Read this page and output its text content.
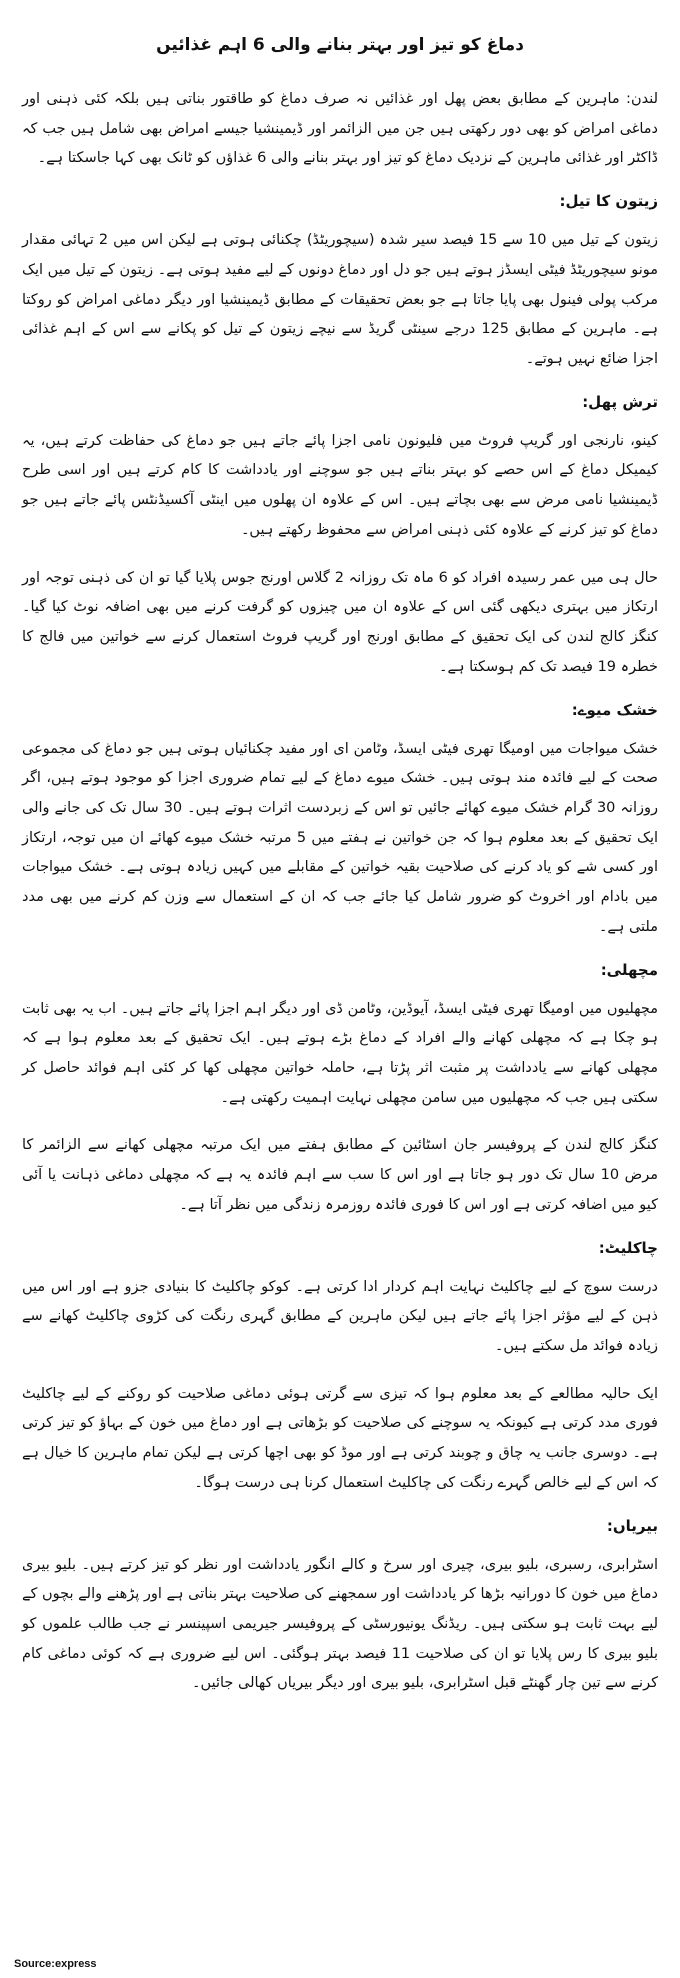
دماغ کو تیز اور بہتر بنانے والی 6 اہم غذائیں

لندن: ماہرین کے مطابق بعض پھل اور غذائیں نہ صرف دماغ کو طاقتور بناتی ہیں بلکہ کئی ذہنی اور دماغی امراض کو بھی دور رکھتی ہیں جن میں الزائمر اور ڈیمینشیا جیسے امراض بھی شامل ہیں جب کہ ڈاکٹر اور غذائی ماہرین کے نزدیک دماغ کو تیز اور بہتر بنانے والی 6 غذاؤں کو ٹانک بھی کہا جاسکتا ہے۔

زیتون کا تیل:

زیتون کے تیل میں 10 سے 15 فیصد سیر شدہ (سیچوریٹڈ) چکنائی ہوتی ہے لیکن اس میں 2 تہائی مقدار مونو سیچوریٹڈ فیٹی ایسڈز ہوتے ہیں جو دل اور دماغ دونوں کے لیے مفید ہوتی ہے۔ زیتون کے تیل میں ایک مرکب پولی فینول بھی پایا جاتا ہے جو بعض تحقیقات کے مطابق ڈیمینشیا اور دیگر دماغی امراض کو روکتا ہے۔ ماہرین کے مطابق 125 درجے سینٹی گریڈ سے نیچے زیتون کے تیل کو پکانے سے اس کے اہم غذائی اجزا ضائع نہیں ہوتے۔

ترش پھل:

کینو، نارنجی اور گریپ فروٹ میں فلیونون نامی اجزا پائے جاتے ہیں جو دماغ کی حفاظت کرتے ہیں، یہ کیمیکل دماغ کے اس حصے کو بہتر بناتے ہیں جو سوچنے اور یادداشت کا کام کرتے ہیں اور اسی طرح ڈیمینشیا نامی مرض سے بھی بچاتے ہیں۔ اس کے علاوہ ان پھلوں میں اینٹی آکسیڈنٹس پائے جاتے ہیں جو دماغ کو تیز کرنے کے علاوہ کئی ذہنی امراض سے محفوظ رکھتے ہیں۔

حال ہی میں عمر رسیدہ افراد کو 6 ماہ تک روزانہ 2 گلاس اورنج جوس پلایا گیا تو ان کی ذہنی توجہ اور ارتکاز میں بہتری دیکھی گئی اس کے علاوہ ان میں چیزوں کو گرفت کرنے میں بھی اضافہ نوٹ کیا گیا۔ کنگز کالج لندن کی ایک تحقیق کے مطابق اورنج اور گریپ فروٹ استعمال کرنے سے خواتین میں فالج کا خطرہ 19 فیصد تک کم ہوسکتا ہے۔

خشک میوے:

خشک میواجات میں اومیگا تھری فیٹی ایسڈ، وٹامن ای اور مفید چکنائیاں ہوتی ہیں جو دماغ کی مجموعی صحت کے لیے فائدہ مند ہوتی ہیں۔ خشک میوے دماغ کے لیے تمام ضروری اجزا کو موجود ہوتے ہیں، اگر روزانہ 30 گرام خشک میوے کھائے جائیں تو اس کے زبردست اثرات ہوتے ہیں۔ 30 سال تک کی جانے والی ایک تحقیق کے بعد معلوم ہوا کہ جن خواتین نے ہفتے میں 5 مرتبہ خشک میوے کھائے ان میں توجہ، ارتکاز اور کسی شے کو یاد کرنے کی صلاحیت بقیہ خواتین کے مقابلے میں کہیں زیادہ ہوتی ہے۔ خشک میواجات میں بادام اور اخروٹ کو ضرور شامل کیا جائے جب کہ ان کے استعمال سے وزن کم کرنے میں بھی مدد ملتی ہے۔

مچھلی:

مچھلیوں میں اومیگا تھری فیٹی ایسڈ، آیوڈین، وٹامن ڈی اور دیگر اہم اجزا پائے جاتے ہیں۔ اب یہ بھی ثابت ہو چکا ہے کہ مچھلی کھانے والے افراد کے دماغ بڑے ہوتے ہیں۔ ایک تحقیق کے بعد معلوم ہوا ہے کہ مچھلی کھانے سے یادداشت پر مثبت اثر پڑتا ہے، حاملہ خواتین مچھلی کھا کر کئی اہم فوائد حاصل کر سکتی ہیں جب کہ مچھلیوں میں سامن مچھلی نہایت اہمیت رکھتی ہے۔

کنگز کالج لندن کے پروفیسر جان اسٹائین کے مطابق ہفتے میں ایک مرتبہ مچھلی کھانے سے الزائمر کا مرض 10 سال تک دور ہو جاتا ہے اور اس کا سب سے اہم فائدہ یہ ہے کہ مچھلی دماغی ذہانت یا آئی کیو میں اضافہ کرتی ہے اور اس کا فوری فائدہ روزمرہ زندگی میں نظر آتا ہے۔

چاکلیٹ:

درست سوچ کے لیے چاکلیٹ نہایت اہم کردار ادا کرتی ہے۔ کوکو چاکلیٹ کا بنیادی جزو ہے اور اس میں ذہن کے لیے مؤثر اجزا پائے جاتے ہیں لیکن ماہرین کے مطابق گہری رنگت کی کڑوی چاکلیٹ کھانے سے زیادہ فوائد مل سکتے ہیں۔

ایک حالیہ مطالعے کے بعد معلوم ہوا کہ تیزی سے گرتی ہوئی دماغی صلاحیت کو روکنے کے لیے چاکلیٹ فوری مدد کرتی ہے کیونکہ یہ سوچنے کی صلاحیت کو بڑھاتی ہے اور دماغ میں خون کے بہاؤ کو تیز کرتی ہے۔ دوسری جانب یہ چاق و چوبند کرتی ہے اور موڈ کو بھی اچھا کرتی ہے لیکن تمام ماہرین کا خیال ہے کہ اس کے لیے خالص گہرے رنگت کی چاکلیٹ استعمال کرنا ہی درست ہوگا۔

بیریاں:

اسٹرابری، رسبری، بلیو بیری، چیری اور سرخ و کالے انگور یادداشت اور نظر کو تیز کرتے ہیں۔ بلیو بیری دماغ میں خون کا دورانیہ بڑھا کر یادداشت اور سمجھنے کی صلاحیت بہتر بناتی ہے اور پڑھنے والے بچوں کے لیے بہت ثابت ہو سکتی ہیں۔ ریڈنگ یونیورسٹی کے پروفیسر جیریمی اسپینسر نے جب طالب علموں کو بلیو بیری کا رس پلایا تو ان کی صلاحیت 11 فیصد بہتر ہوگئی۔ اس لیے ضروری ہے کہ کوئی دماغی کام کرنے سے تین چار گھنٹے قبل اسٹرابری، بلیو بیری اور دیگر بیریاں کھالی جائیں۔

Source:express
